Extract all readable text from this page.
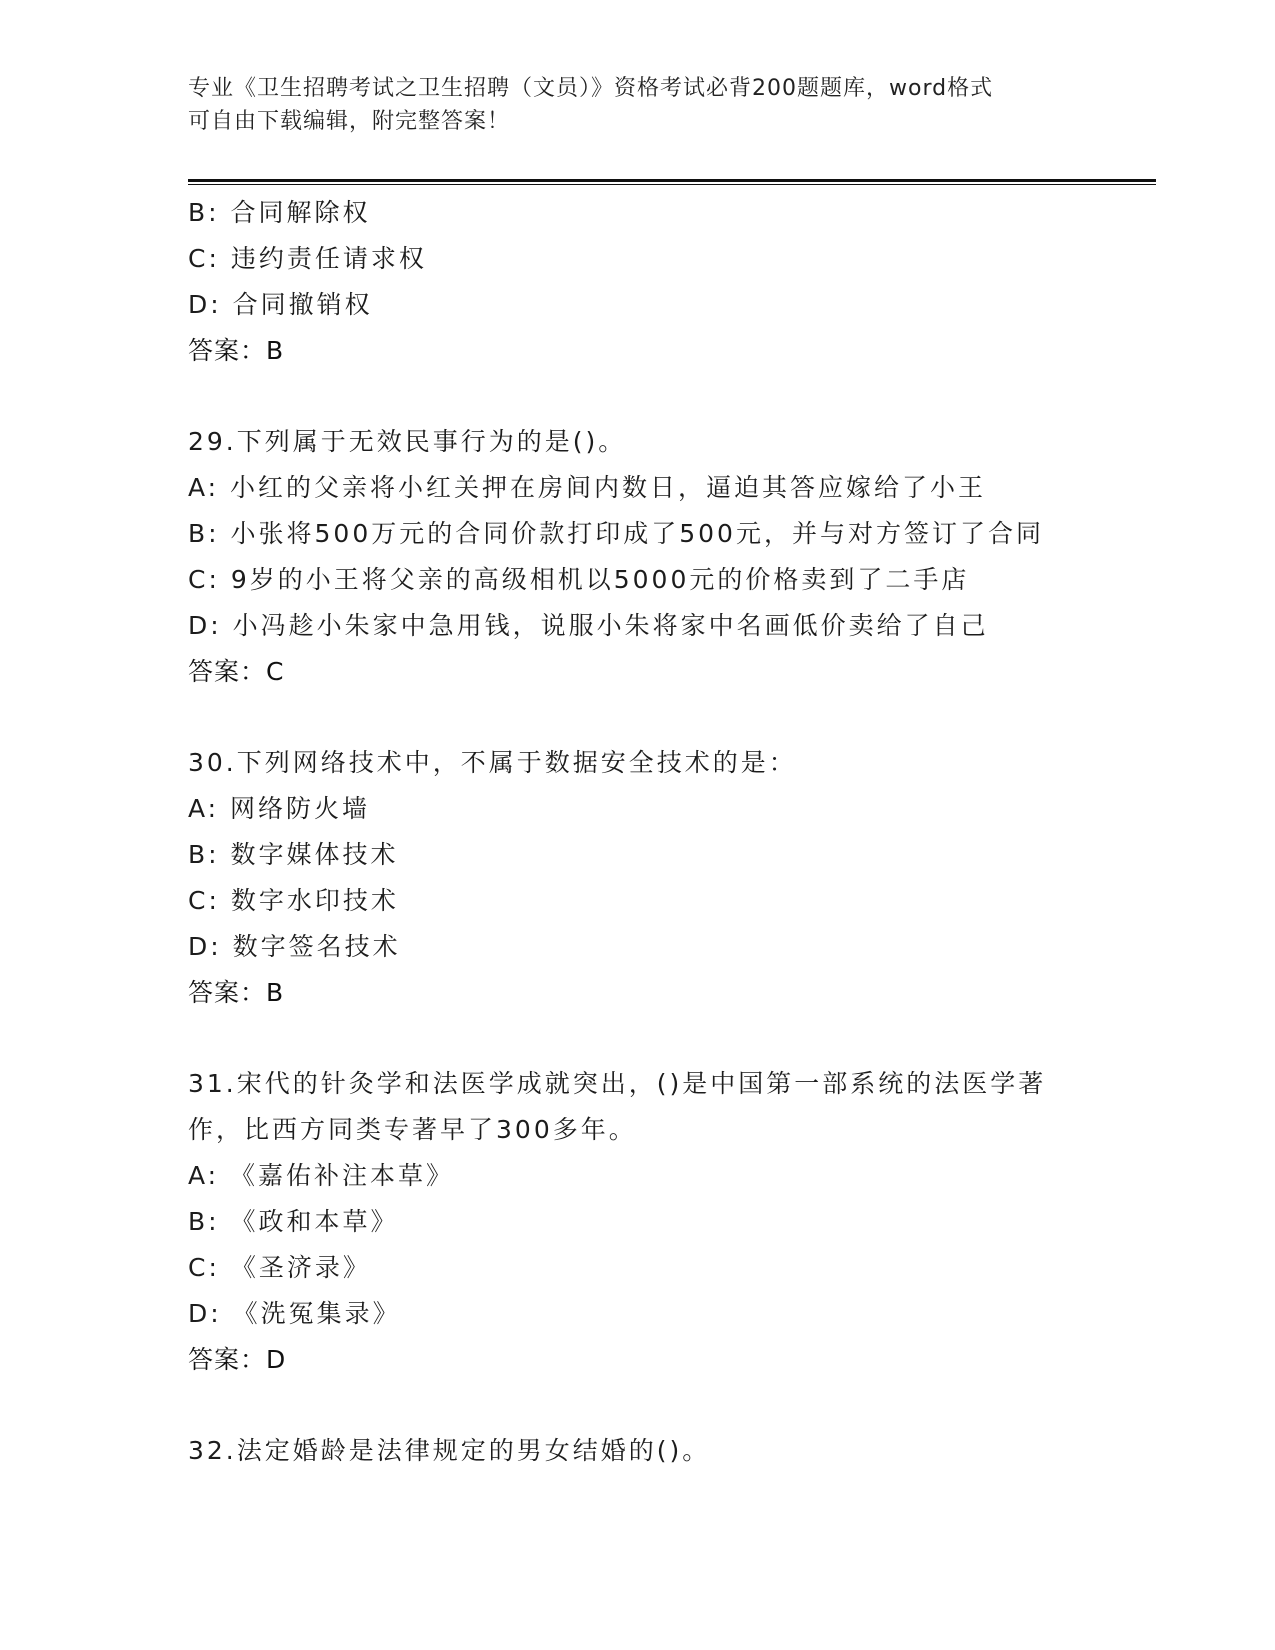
专业《卫生招聘考试之卫生招聘（文员）》资格考试必背200题题库，word格式
可自由下载编辑，附完整答案！
B: 合同解除权
C: 违约责任请求权
D: 合同撤销权
答案：B
29.下列属于无效民事行为的是()。
A: 小红的父亲将小红关押在房间内数日，逼迫其答应嫁给了小王
B: 小张将500万元的合同价款打印成了500元，并与对方签订了合同
C: 9岁的小王将父亲的高级相机以5000元的价格卖到了二手店
D: 小冯趁小朱家中急用钱，说服小朱将家中名画低价卖给了自己
答案：C
30.下列网络技术中，不属于数据安全技术的是：
A: 网络防火墙
B: 数字媒体技术
C: 数字水印技术
D: 数字签名技术
答案：B
31.宋代的针灸学和法医学成就突出，()是中国第一部系统的法医学著
作，比西方同类专著早了300多年。
A: 《嘉佑补注本草》
B: 《政和本草》
C: 《圣济录》
D: 《洗冤集录》
答案：D
32.法定婚龄是法律规定的男女结婚的()。
